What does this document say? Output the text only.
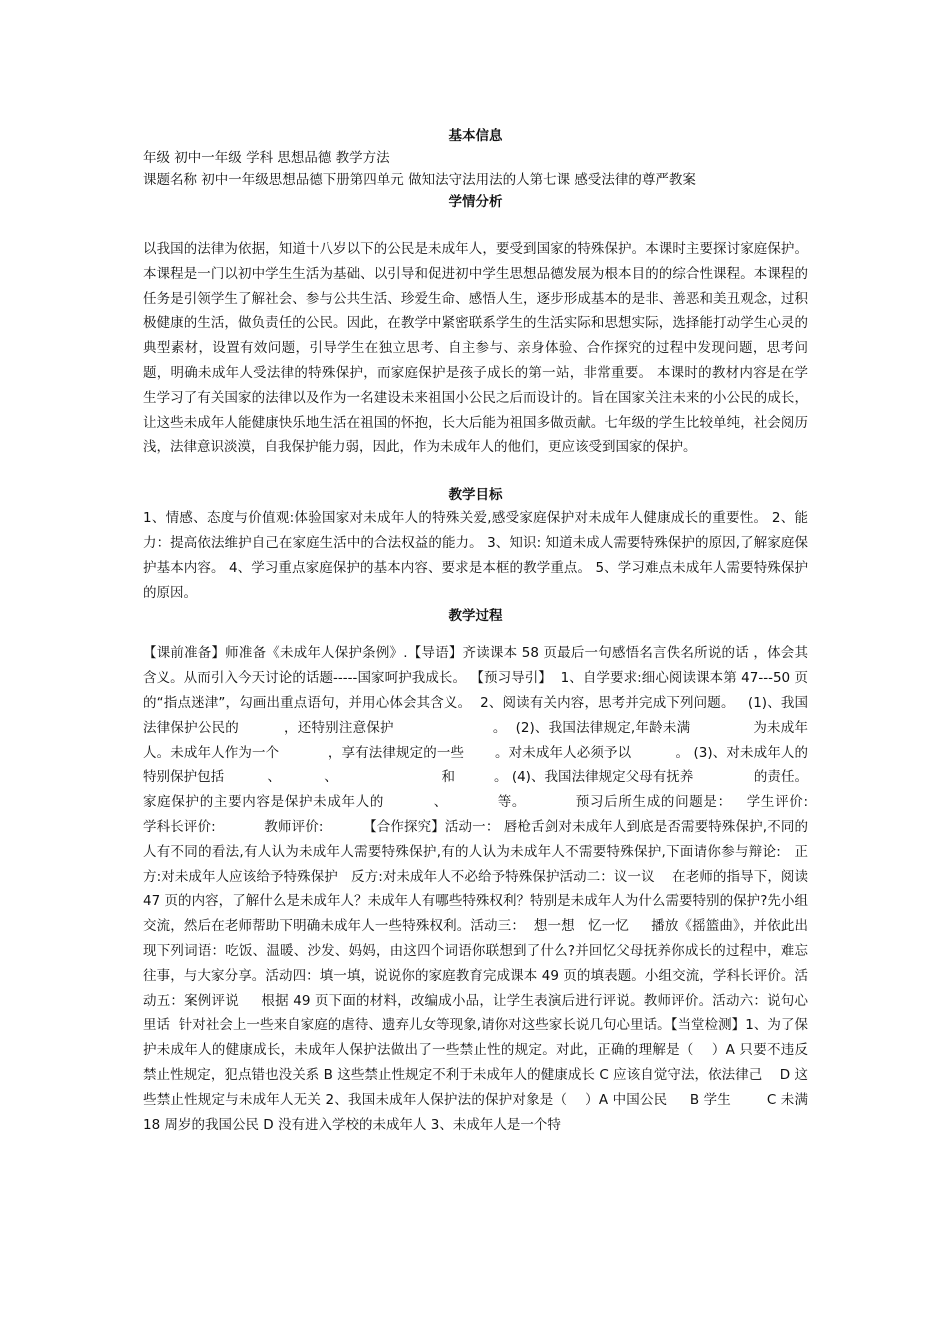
基本信息
年级 初中一年级 学科 思想品德 教学方法
课题名称 初中一年级思想品德下册第四单元 做知法守法用法的人第七课 感受法律的尊严教案
学情分析
以我国的法律为依据，知道十八岁以下的公民是未成年人，要受到国家的特殊保护。本课时主要探讨家庭保护。本课程是一门以初中学生生活为基础、以引导和促进初中学生思想品德发展为根本目的的综合性课程。本课程的任务是引领学生了解社会、参与公共生活、珍爱生命、感悟人生，逐步形成基本的是非、善恶和美丑观念，过积极健康的生活，做负责任的公民。因此，在教学中紧密联系学生的生活实际和思想实际，选择能打动学生心灵的典型素材，设置有效问题，引导学生在独立思考、自主参与、亲身体验、合作探究的过程中发现问题，思考问题，明确未成年人受法律的特殊保护，而家庭保护是孩子成长的第一站，非常重要。 本课时的教材内容是在学生学习了有关国家的法律以及作为一名建设未来祖国小公民之后而设计的。旨在国家关注未来的小公民的成长，让这些未成年人能健康快乐地生活在祖国的怀抱，长大后能为祖国多做贡献。七年级的学生比较单纯，社会阅历浅，法律意识淡漠，自我保护能力弱，因此，作为未成年人的他们，更应该受到国家的保护。
教学目标
1、情感、态度与价值观:体验国家对未成年人的特殊关爱,感受家庭保护对未成年人健康成长的重要性。 2、能力：提高依法维护自己在家庭生活中的合法权益的能力。 3、知识: 知道未成人需要特殊保护的原因,了解家庭保护基本内容。 4、学习重点家庭保护的基本内容、要求是本框的教学重点。 5、学习难点未成年人需要特殊保护的原因。
教学过程
【课前准备】师准备《未成年人保护条例》.【导语】齐读课本 58 页最后一句感悟名言佚名所说的话 ，体会其含义。从而引入今天讨论的话题-----国家呵护我成长。 【预习导引】  1、自学要求:细心阅读课本第 47---50 页的“指点迷津”，勾画出重点语句，并用心体会其含义。  2、阅读有关内容，思考并完成下列问题。   (1)、我国法律保护公民的          ，还特别注意保护                      。  (2)、我国法律规定,年龄未满              为未成年人。未成年人作为一个           ，享有法律规定的一些       。对未成年人必须予以          。 (3)、对未成年人的特别保护包括          、          、                        和         。 (4)、我国法律规定父母有抚养              的责任。家庭保护的主要内容是保护未成年人的          、          等。          预习后所生成的问题是：   学生评价:             学科长评价:           教师评价:         【合作探究】活动一： 唇枪舌剑对未成年人到底是否需要特殊保护,不同的人有不同的看法,有人认为未成年人需要特殊保护,有的人认为未成年人不需要特殊保护,下面请你参与辩论:   正方:对未成年人应该给予特殊保护   反方:对未成年人不必给予特殊保护活动二：议一议    在老师的指导下，阅读 47 页的内容，了解什么是未成年人？未成年人有哪些特殊权利？特别是未成年人为什么需要特别的保护?先小组交流，然后在老师帮助下明确未成年人一些特殊权利。活动三：  想一想   忆一忆     播放《摇篮曲》，并依此出现下列词语：吃饭、温暖、沙发、妈妈，由这四个词语你联想到了什么?并回忆父母抚养你成长的过程中，难忘往事，与大家分享。活动四：填一填，说说你的家庭教育完成课本 49 页的填表题。小组交流，学科长评价。活动五：案例评说     根据 49 页下面的材料，改编成小品，让学生表演后进行评说。教师评价。活动六：说句心里话  针对社会上一些来自家庭的虐待、遗弃儿女等现象,请你对这些家长说几句心里话。【当堂检测】1、为了保护未成年人的健康成长，未成年人保护法做出了一些禁止性的规定。对此，正确的理解是（    ）A 只要不违反禁止性规定，犯点错也没关系 B 这些禁止性规定不利于未成年人的健康成长 C 应该自觉守法，依法律己    D 这些禁止性规定与未成年人无关 2、我国未成年人保护法的保护对象是（    ）A 中国公民     B 学生        C 未满 18 周岁的我国公民 D 没有进入学校的未成年人 3、未成年人是一个特
